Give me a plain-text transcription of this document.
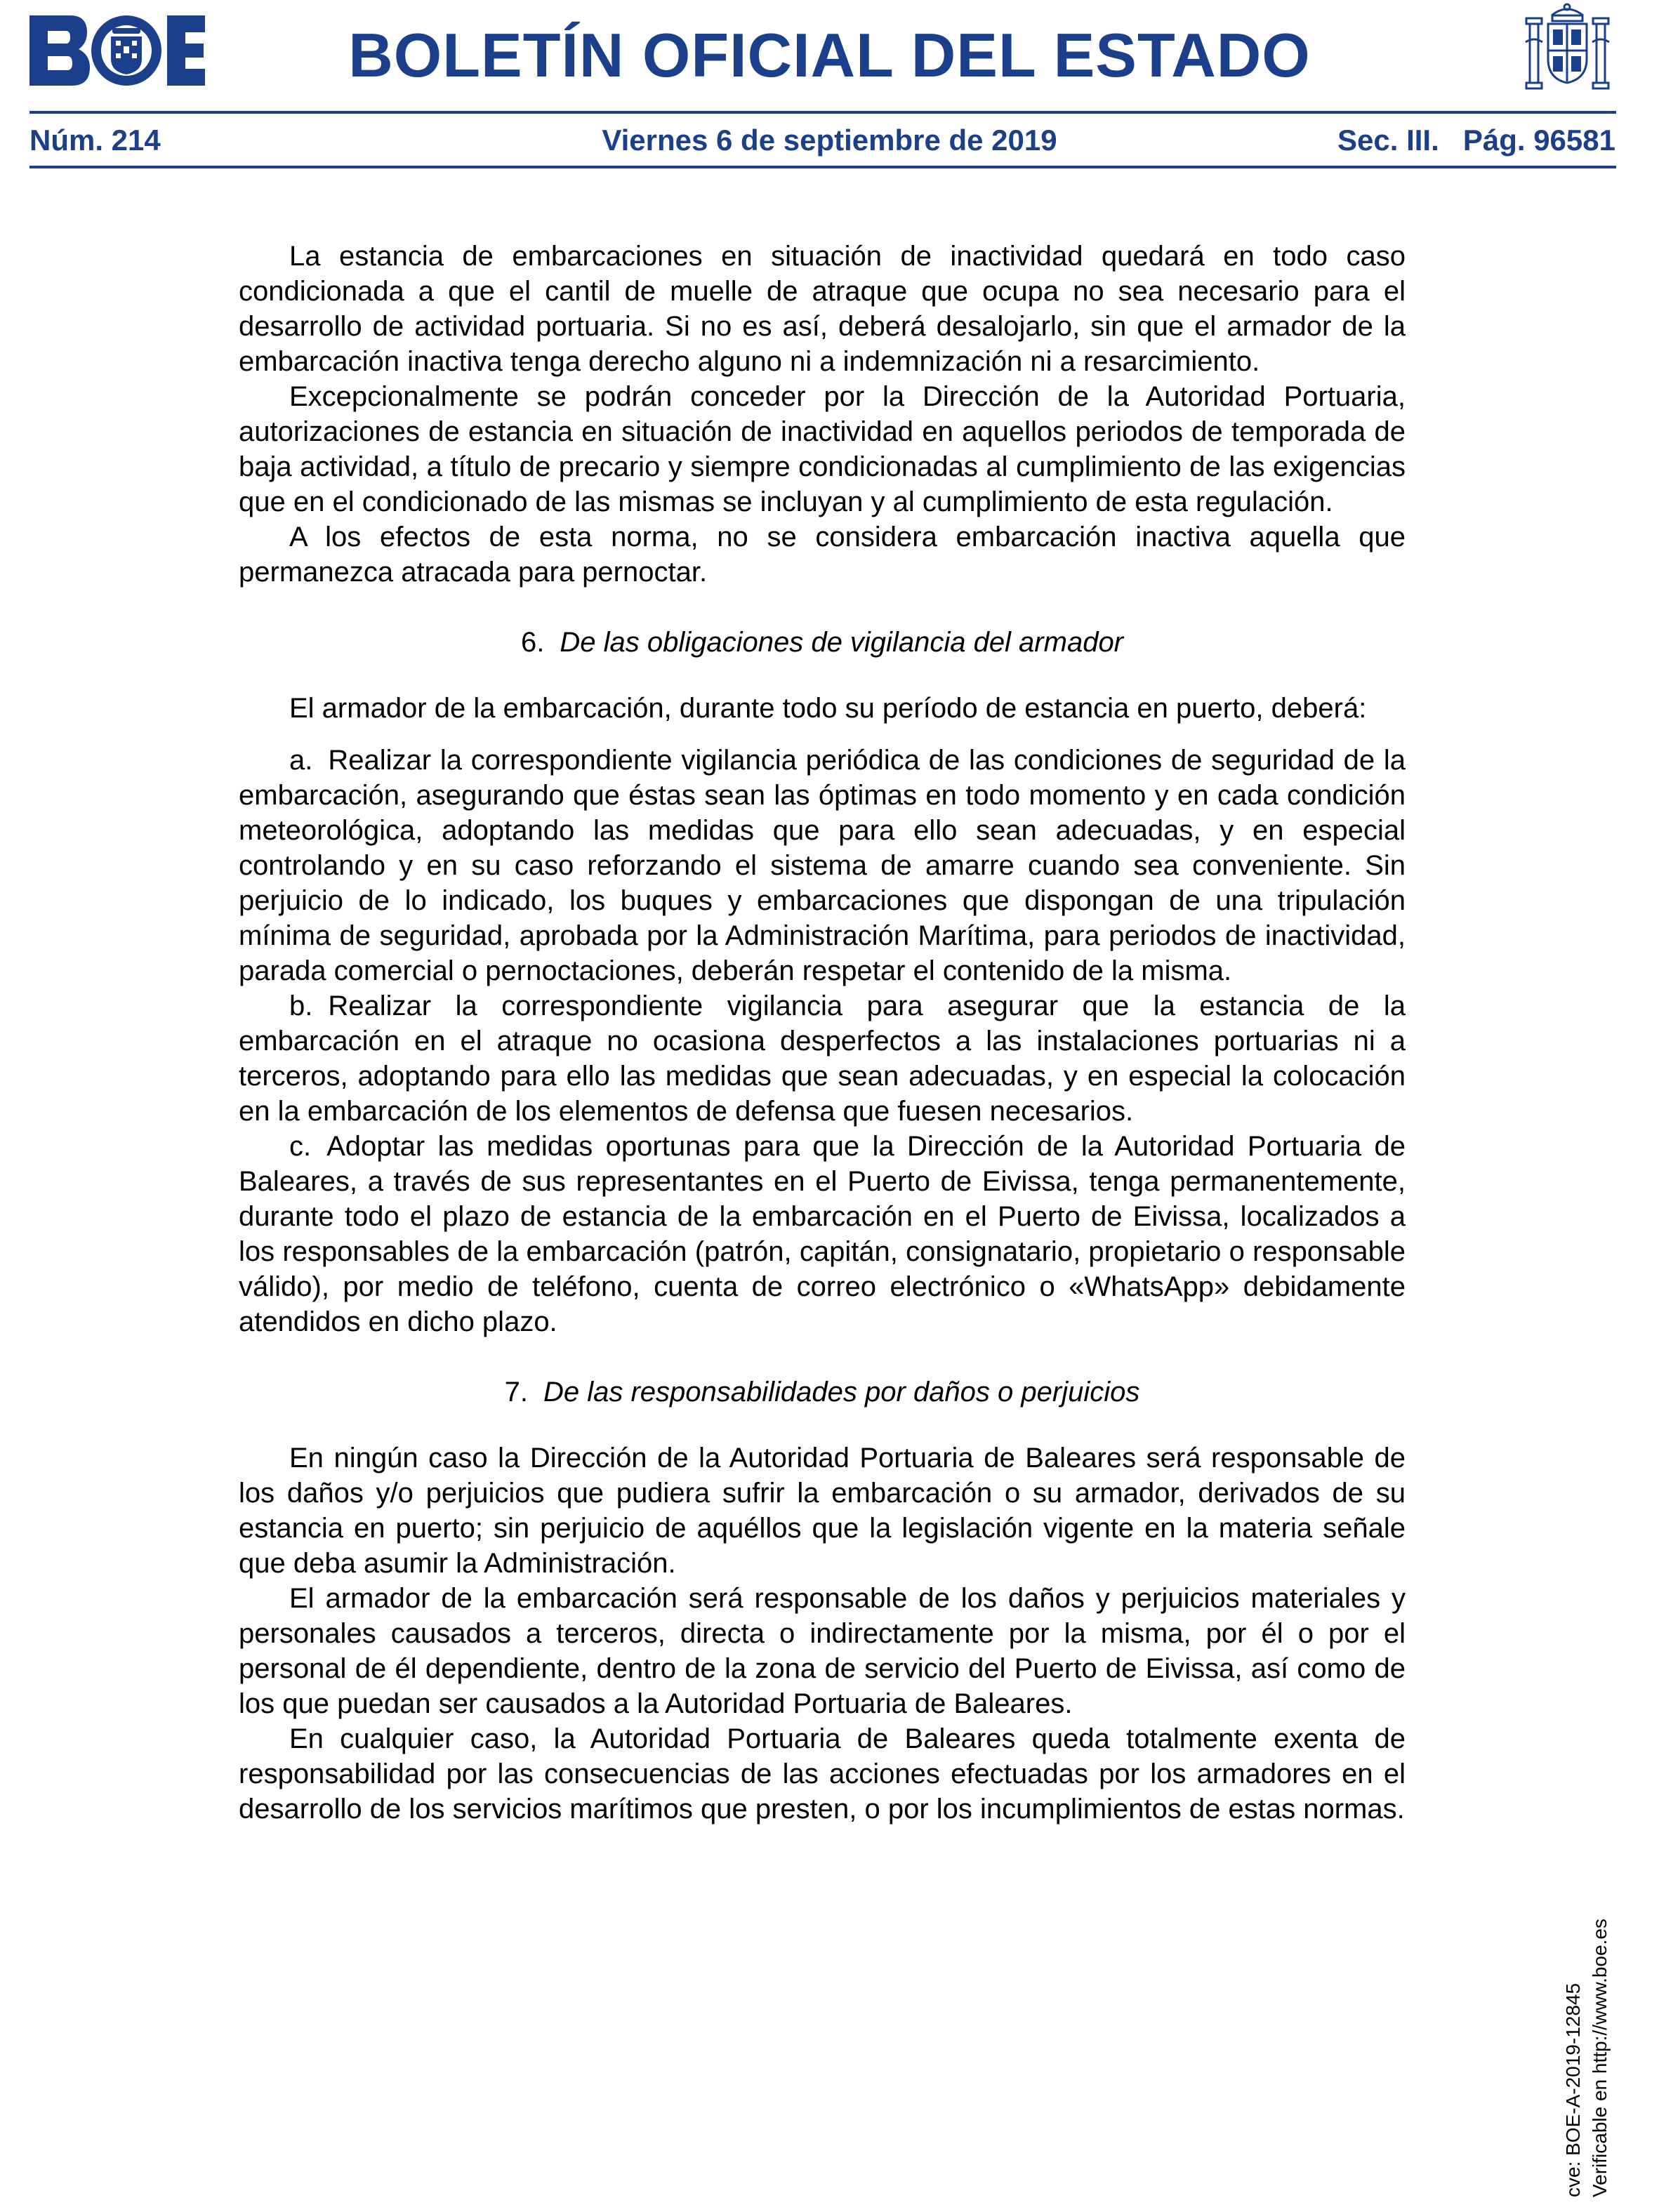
BOLETÍN OFICIAL DEL ESTADO
Núm. 214	Viernes 6 de septiembre de 2019	Sec. III. Pág. 96581

La estancia de embarcaciones en situación de inactividad quedará en todo caso condicionada a que el cantil de muelle de atraque que ocupa no sea necesario para el desarrollo de actividad portuaria. Si no es así, deberá desalojarlo, sin que el armador de la embarcación inactiva tenga derecho alguno ni a indemnización ni a resarcimiento.

Excepcionalmente se podrán conceder por la Dirección de la Autoridad Portuaria, autorizaciones de estancia en situación de inactividad en aquellos periodos de temporada de baja actividad, a título de precario y siempre condicionadas al cumplimiento de las exigencias que en el condicionado de las mismas se incluyan y al cumplimiento de esta regulación.

A los efectos de esta norma, no se considera embarcación inactiva aquella que permanezca atracada para pernoctar.

6. De las obligaciones de vigilancia del armador

El armador de la embarcación, durante todo su período de estancia en puerto, deberá:

a. Realizar la correspondiente vigilancia periódica de las condiciones de seguridad de la embarcación, asegurando que éstas sean las óptimas en todo momento y en cada condición meteorológica, adoptando las medidas que para ello sean adecuadas, y en especial controlando y en su caso reforzando el sistema de amarre cuando sea conveniente. Sin perjuicio de lo indicado, los buques y embarcaciones que dispongan de una tripulación mínima de seguridad, aprobada por la Administración Marítima, para periodos de inactividad, parada comercial o pernoctaciones, deberán respetar el contenido de la misma.

b. Realizar la correspondiente vigilancia para asegurar que la estancia de la embarcación en el atraque no ocasiona desperfectos a las instalaciones portuarias ni a terceros, adoptando para ello las medidas que sean adecuadas, y en especial la colocación en la embarcación de los elementos de defensa que fuesen necesarios.

c. Adoptar las medidas oportunas para que la Dirección de la Autoridad Portuaria de Baleares, a través de sus representantes en el Puerto de Eivissa, tenga permanentemente, durante todo el plazo de estancia de la embarcación en el Puerto de Eivissa, localizados a los responsables de la embarcación (patrón, capitán, consignatario, propietario o responsable válido), por medio de teléfono, cuenta de correo electrónico o «WhatsApp» debidamente atendidos en dicho plazo.

7. De las responsabilidades por daños o perjuicios

En ningún caso la Dirección de la Autoridad Portuaria de Baleares será responsable de los daños y/o perjuicios que pudiera sufrir la embarcación o su armador, derivados de su estancia en puerto; sin perjuicio de aquéllos que la legislación vigente en la materia señale que deba asumir la Administración.

El armador de la embarcación será responsable de los daños y perjuicios materiales y personales causados a terceros, directa o indirectamente por la misma, por él o por el personal de él dependiente, dentro de la zona de servicio del Puerto de Eivissa, así como de los que puedan ser causados a la Autoridad Portuaria de Baleares.

En cualquier caso, la Autoridad Portuaria de Baleares queda totalmente exenta de responsabilidad por las consecuencias de las acciones efectuadas por los armadores en el desarrollo de los servicios marítimos que presten, o por los incumplimientos de estas normas.

cve: BOE-A-2019-12845 Verificable en http://www.boe.es
